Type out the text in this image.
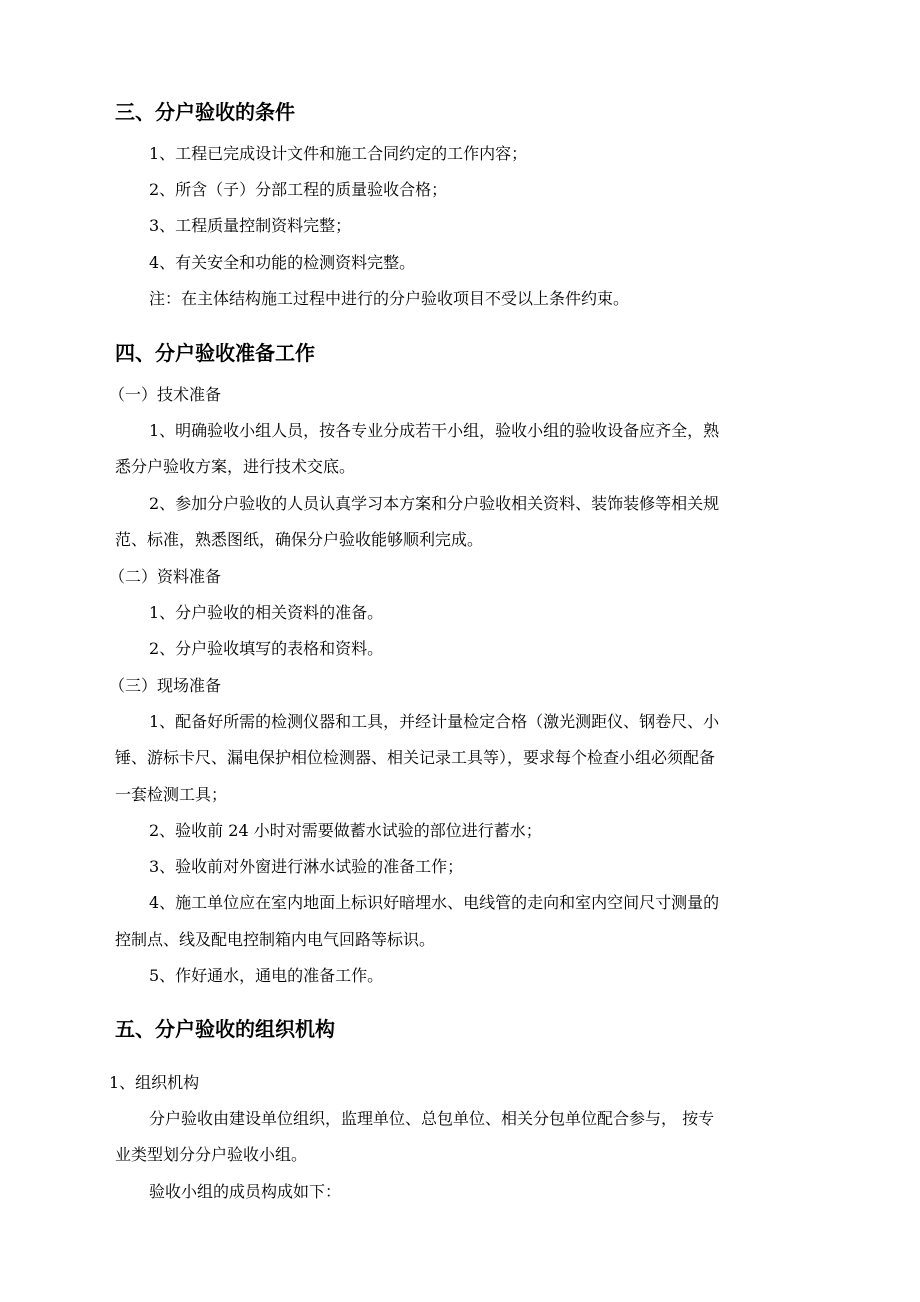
三、分户验收的条件
1、工程已完成设计文件和施工合同约定的工作内容；
2、所含（子）分部工程的质量验收合格；
3、工程质量控制资料完整；
4、有关安全和功能的检测资料完整。
注：在主体结构施工过程中进行的分户验收项目不受以上条件约束。
四、分户验收准备工作
（一）技术准备
1、明确验收小组人员，按各专业分成若干小组，验收小组的验收设备应齐全，熟
悉分户验收方案，进行技术交底。
2、参加分户验收的人员认真学习本方案和分户验收相关资料、装饰装修等相关规
范、标准，熟悉图纸，确保分户验收能够顺利完成。
（二）资料准备
1、分户验收的相关资料的准备。
2、分户验收填写的表格和资料。
（三）现场准备
1、配备好所需的检测仪器和工具，并经计量检定合格（激光测距仪、钢卷尺、小
锤、游标卡尺、漏电保护相位检测器、相关记录工具等），要求每个检查小组必须配备
一套检测工具；
2、验收前 24 小时对需要做蓄水试验的部位进行蓄水；
3、验收前对外窗进行淋水试验的准备工作；
4、施工单位应在室内地面上标识好暗埋水、电线管的走向和室内空间尺寸测量的
控制点、线及配电控制箱内电气回路等标识。
5、作好通水，通电的准备工作。
五、分户验收的组织机构
1、组织机构
分户验收由建设单位组织，监理单位、总包单位、相关分包单位配合参与， 按专
业类型划分分户验收小组。
验收小组的成员构成如下：
